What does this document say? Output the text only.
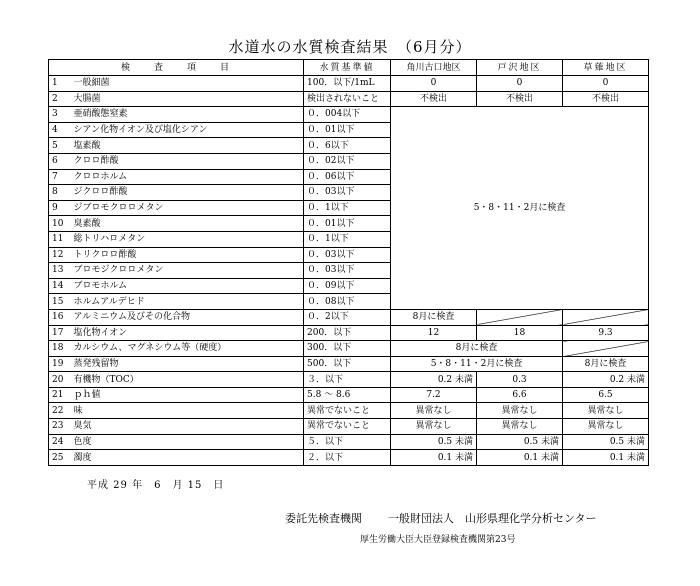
水道水の水質検査結果　（6月分）
検　　査　　項　　目		水質基準値	角川古口地区	戸沢地区	草薙地区
1	一般細菌	100．以下/1mL	0	0	0
2	大腸菌	検出されないこと	不検出	不検出	不検出
3	亜硝酸態窒素	０．004以下	5・8・11・2月に検査		
4	シアン化物イオン及び塩化シアン	０．01以下			
5	塩素酸	０．6以下			
6	クロロ酢酸	０．02以下			
7	クロロホルム	０．06以下			
8	ジクロロ酢酸	０．03以下			
9	ジブロモクロロメタン	０．1以下			
10	臭素酸	０．01以下			
11	総トリハロメタン	０．1以下			
12	トリクロロ酢酸	０．03以下			
13	ブロモジクロロメタン	０．03以下			
14	ブロモホルム	０．09以下			
15	ホルムアルデヒド	０．08以下			
16	アルミニウム及びその化合物	０．2以下	8月に検査		
17	塩化物イオン	200．以下	12	18	9.3
18	カルシウム、マグネシウム等（硬度）	300．以下	8月に検査		
19	蒸発残留物	500．以下	5・8・11・2月に検査		8月に検査
20	有機物（TOC）	３．以下	0.2 未満	0.3	0.2 未満
21	ｐｈ値	5.8 ～ 8.6	7.2	6.6	6.5
22	味	異常でないこと	異常なし	異常なし	異常なし
23	臭気	異常でないこと	異常なし	異常なし	異常なし
24	色度	５．以下	0.5 未満	0.5 未満	0.5 未満
25	濁度	２．以下	0.1 未満	0.1 未満	0.1 未満
平成 29 年　6　月 15　日
委託先検査機関 一般財団法人　山形県理化学分析センター
厚生労働大臣大臣登録検査機関第23号
